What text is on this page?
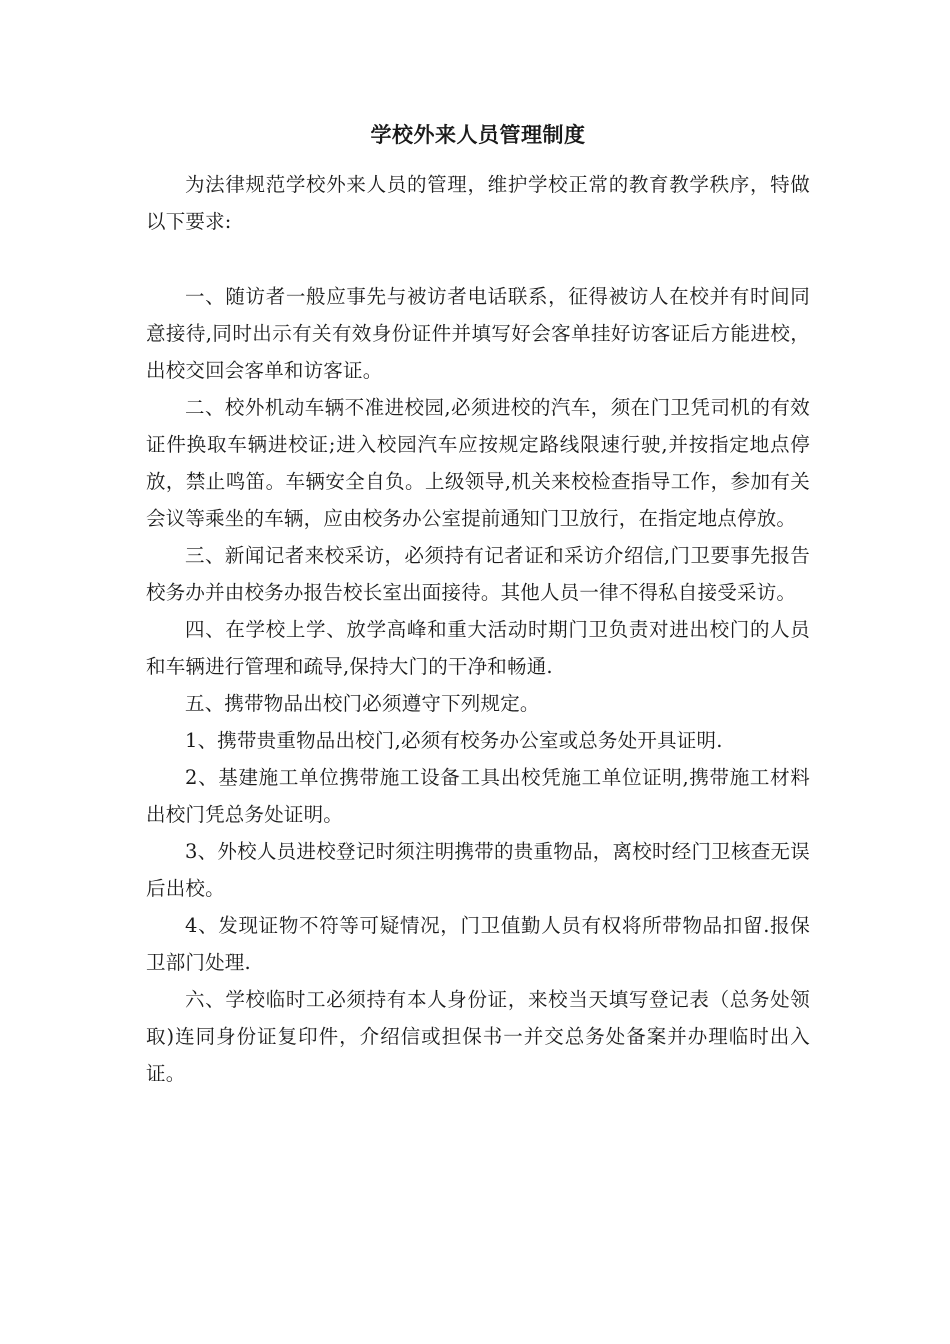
学校外来人员管理制度

为法律规范学校外来人员的管理，维护学校正常的教育教学秩序，特做以下要求:

一、随访者一般应事先与被访者电话联系，征得被访人在校并有时间同意接待,同时出示有关有效身份证件并填写好会客单挂好访客证后方能进校，出校交回会客单和访客证。

二、校外机动车辆不准进校园,必须进校的汽车，须在门卫凭司机的有效证件换取车辆进校证;进入校园汽车应按规定路线限速行驶,并按指定地点停放，禁止鸣笛。车辆安全自负。上级领导,机关来校检查指导工作，参加有关会议等乘坐的车辆，应由校务办公室提前通知门卫放行，在指定地点停放。

三、新闻记者来校采访，必须持有记者证和采访介绍信,门卫要事先报告校务办并由校务办报告校长室出面接待。其他人员一律不得私自接受采访。

四、在学校上学、放学高峰和重大活动时期门卫负责对进出校门的人员和车辆进行管理和疏导,保持大门的干净和畅通.

五、携带物品出校门必须遵守下列规定。

1、携带贵重物品出校门,必须有校务办公室或总务处开具证明.

2、基建施工单位携带施工设备工具出校凭施工单位证明,携带施工材料出校门凭总务处证明。

3、外校人员进校登记时须注明携带的贵重物品，离校时经门卫核查无误后出校。

4、发现证物不符等可疑情况，门卫值勤人员有权将所带物品扣留.报保卫部门处理.

六、学校临时工必须持有本人身份证，来校当天填写登记表（总务处领取)连同身份证复印件，介绍信或担保书一并交总务处备案并办理临时出入证。
